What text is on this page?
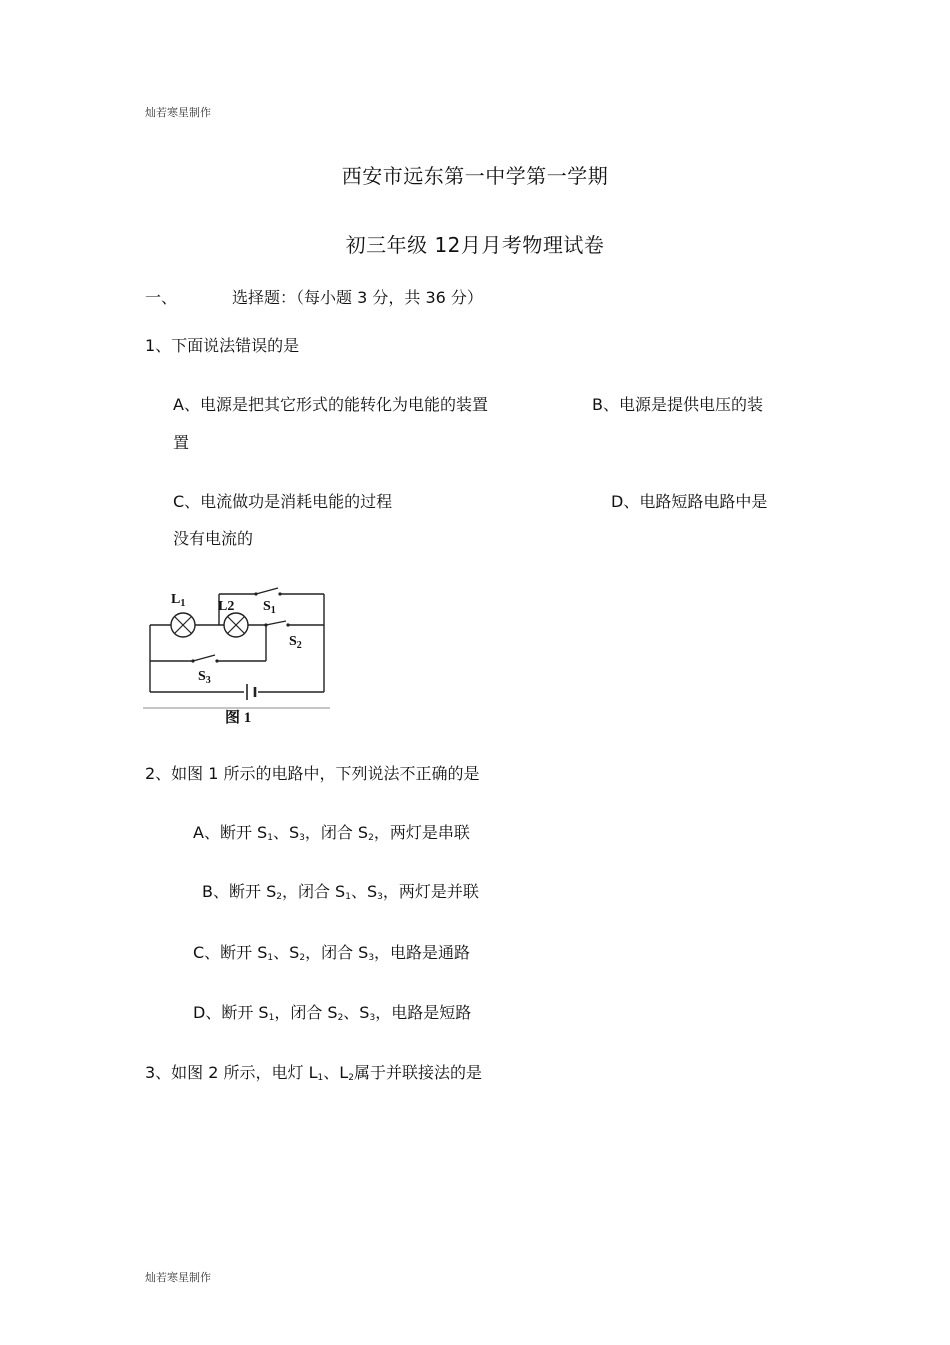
灿若寒星制作
西安市远东第一中学第一学期
初三年级 12月月考物理试卷
一、	选择题：（每小题 3 分，共 36 分）
1、下面说法错误的是
A、电源是把其它形式的能转化为电能的装置	B、电源是提供电压的装
置
C、电流做功是消耗电能的过程	D、电路短路电路中是
没有电流的
$L_1$ L2 $S_1$
$S_2$
$S_3$
图 1
2、如图 1 所示的电路中，下列说法不正确的是
A、断开 $S_1$、$S_3$，闭合 $S_2$，两灯是串联
B、断开 $S_2$，闭合 $S_1$、$S_3$，两灯是并联
C、断开 $S_1$、$S_2$，闭合 $S_3$，电路是通路
D、断开 $S_1$，闭合 $S_2$、$S_3$，电路是短路
3、如图 2 所示，电灯 $L_1$、$L_2$属于并联接法的是
灿若寒星制作
